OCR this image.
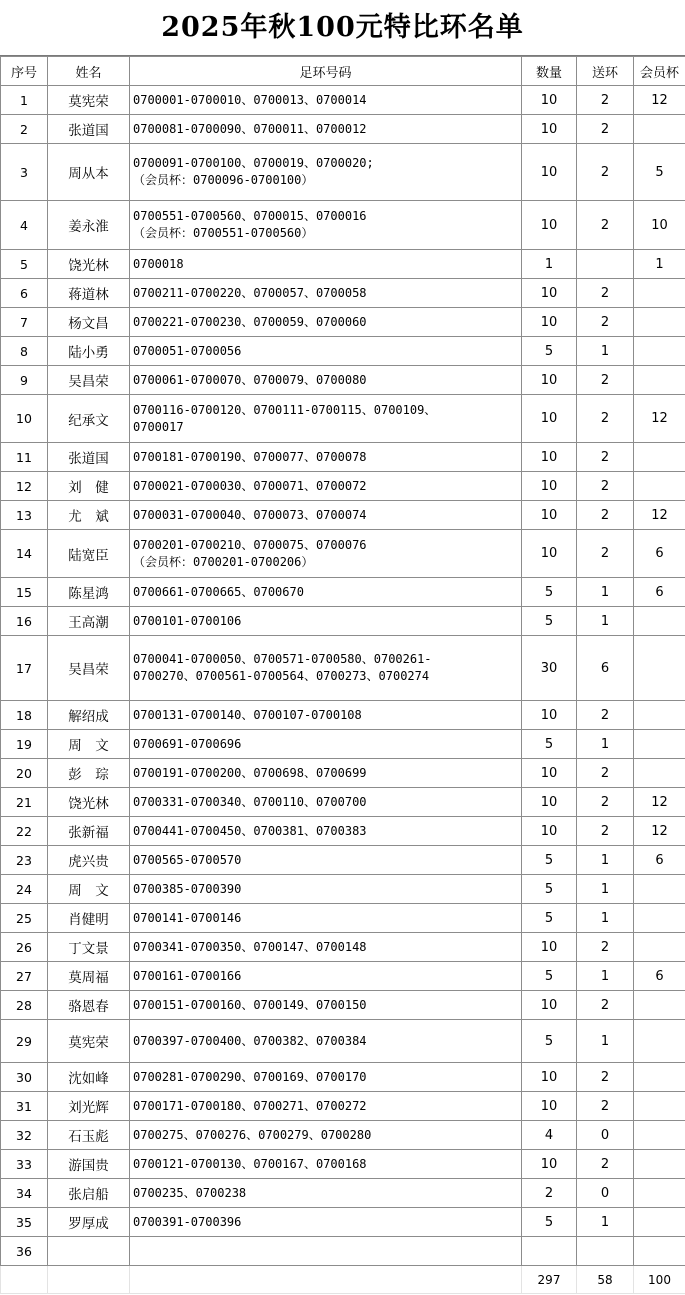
2025年秋100元特比环名单
序号	姓名	足环号码	数量	送环	会员杯
1	莫宪荣	0700001-0700010、0700013、0700014	10	2	12
2	张道国	0700081-0700090、0700011、0700012	10	2	
3	周从本	0700091-0700100、0700019、0700020;
（会员杯：0700096-0700100）	10	2	5
4	姜永淮	0700551-0700560、0700015、0700016
（会员杯：0700551-0700560）	10	2	10
5	饶光林	0700018	1		1
6	蒋道林	0700211-0700220、0700057、0700058	10	2	
7	杨文昌	0700221-0700230、0700059、0700060	10	2	
8	陆小勇	0700051-0700056	5	1	
9	吴昌荣	0700061-0700070、0700079、0700080	10	2	
10	纪承文	0700116-0700120、0700111-0700115、0700109、
0700017	10	2	12
11	张道国	0700181-0700190、0700077、0700078	10	2	
12	刘　健	0700021-0700030、0700071、0700072	10	2	
13	尤　斌	0700031-0700040、0700073、0700074	10	2	12
14	陆宽臣	0700201-0700210、0700075、0700076
（会员杯：0700201-0700206）	10	2	6
15	陈星鸿	0700661-0700665、0700670	5	1	6
16	王高潮	0700101-0700106	5	1	
17	吴昌荣	0700041-0700050、0700571-0700580、0700261-
0700270、0700561-0700564、0700273、0700274	30	6	
18	解绍成	0700131-0700140、0700107-0700108	10	2	
19	周　文	0700691-0700696	5	1	
20	彭　琮	0700191-0700200、0700698、0700699	10	2	
21	饶光林	0700331-0700340、0700110、0700700	10	2	12
22	张新福	0700441-0700450、0700381、0700383	10	2	12
23	虎兴贵	0700565-0700570	5	1	6
24	周　文	0700385-0700390	5	1	
25	肖健明	0700141-0700146	5	1	
26	丁文景	0700341-0700350、0700147、0700148	10	2	
27	莫周福	0700161-0700166	5	1	6
28	骆恩春	0700151-0700160、0700149、0700150	10	2	
29	莫宪荣	0700397-0700400、0700382、0700384	5	1	
30	沈如峰	0700281-0700290、0700169、0700170	10	2	
31	刘光辉	0700171-0700180、0700271、0700272	10	2	
32	石玉彪	0700275、0700276、0700279、0700280	4	0	
33	游国贵	0700121-0700130、0700167、0700168	10	2	
34	张启船	0700235、0700238	2	0	
35	罗厚成	0700391-0700396	5	1	
36					
			297	58	100
